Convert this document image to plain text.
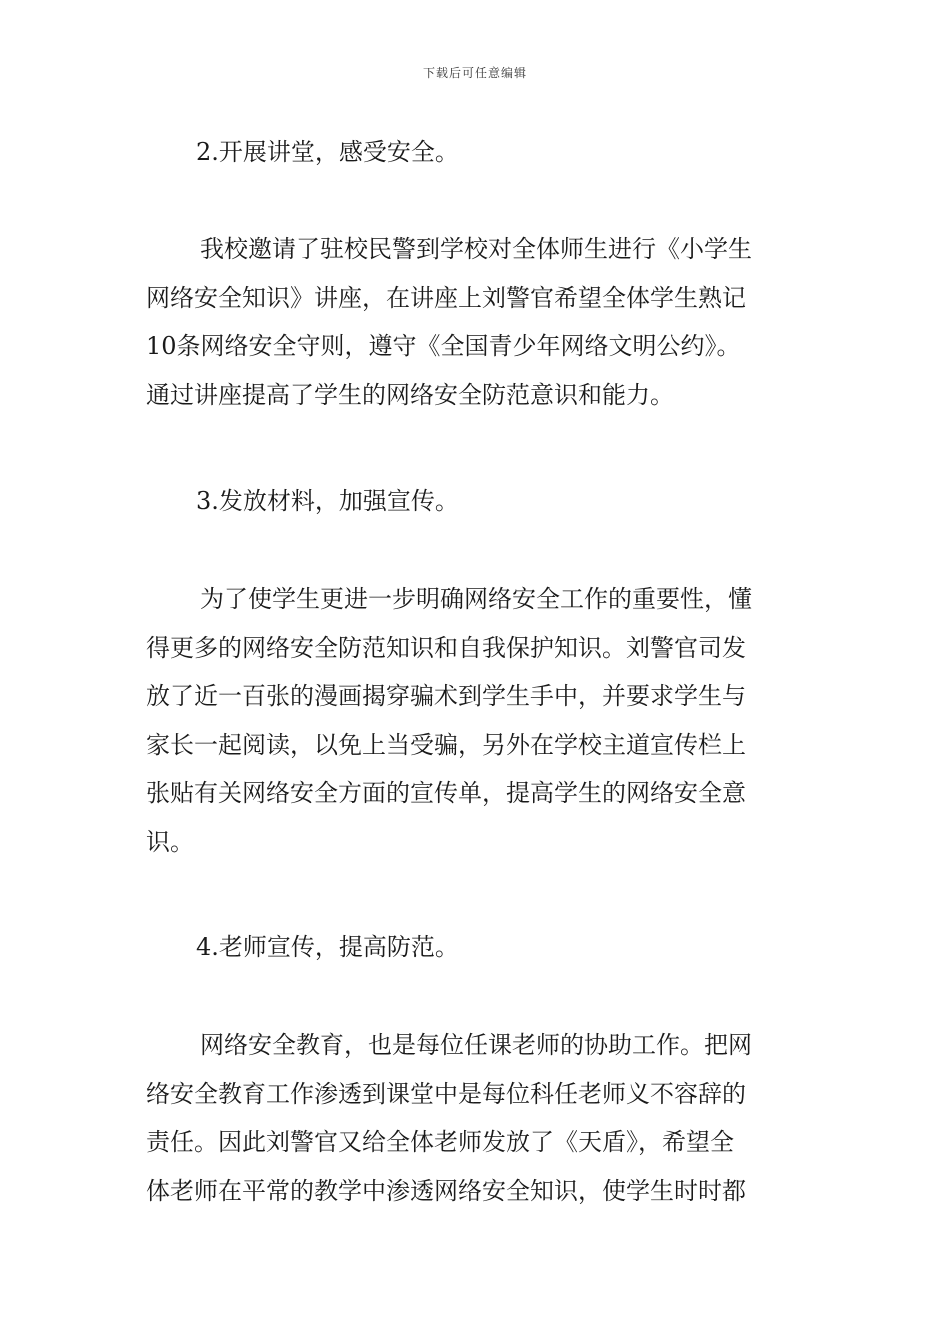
下载后可任意编辑
2.开展讲堂，感受安全。
我校邀请了驻校民警到学校对全体师生进行《小学生
网络安全知识》讲座，在讲座上刘警官希望全体学生熟记
10条网络安全守则，遵守《全国青少年网络文明公约》。
通过讲座提高了学生的网络安全防范意识和能力。
3.发放材料，加强宣传。
为了使学生更进一步明确网络安全工作的重要性，懂
得更多的网络安全防范知识和自我保护知识。刘警官司发
放了近一百张的漫画揭穿骗术到学生手中，并要求学生与
家长一起阅读，以免上当受骗，另外在学校主道宣传栏上
张贴有关网络安全方面的宣传单，提高学生的网络安全意
识。
4.老师宣传，提高防范。
网络安全教育，也是每位任课老师的协助工作。把网
络安全教育工作渗透到课堂中是每位科任老师义不容辞的
责任。因此刘警官又给全体老师发放了《天盾》，希望全
体老师在平常的教学中渗透网络安全知识，使学生时时都
